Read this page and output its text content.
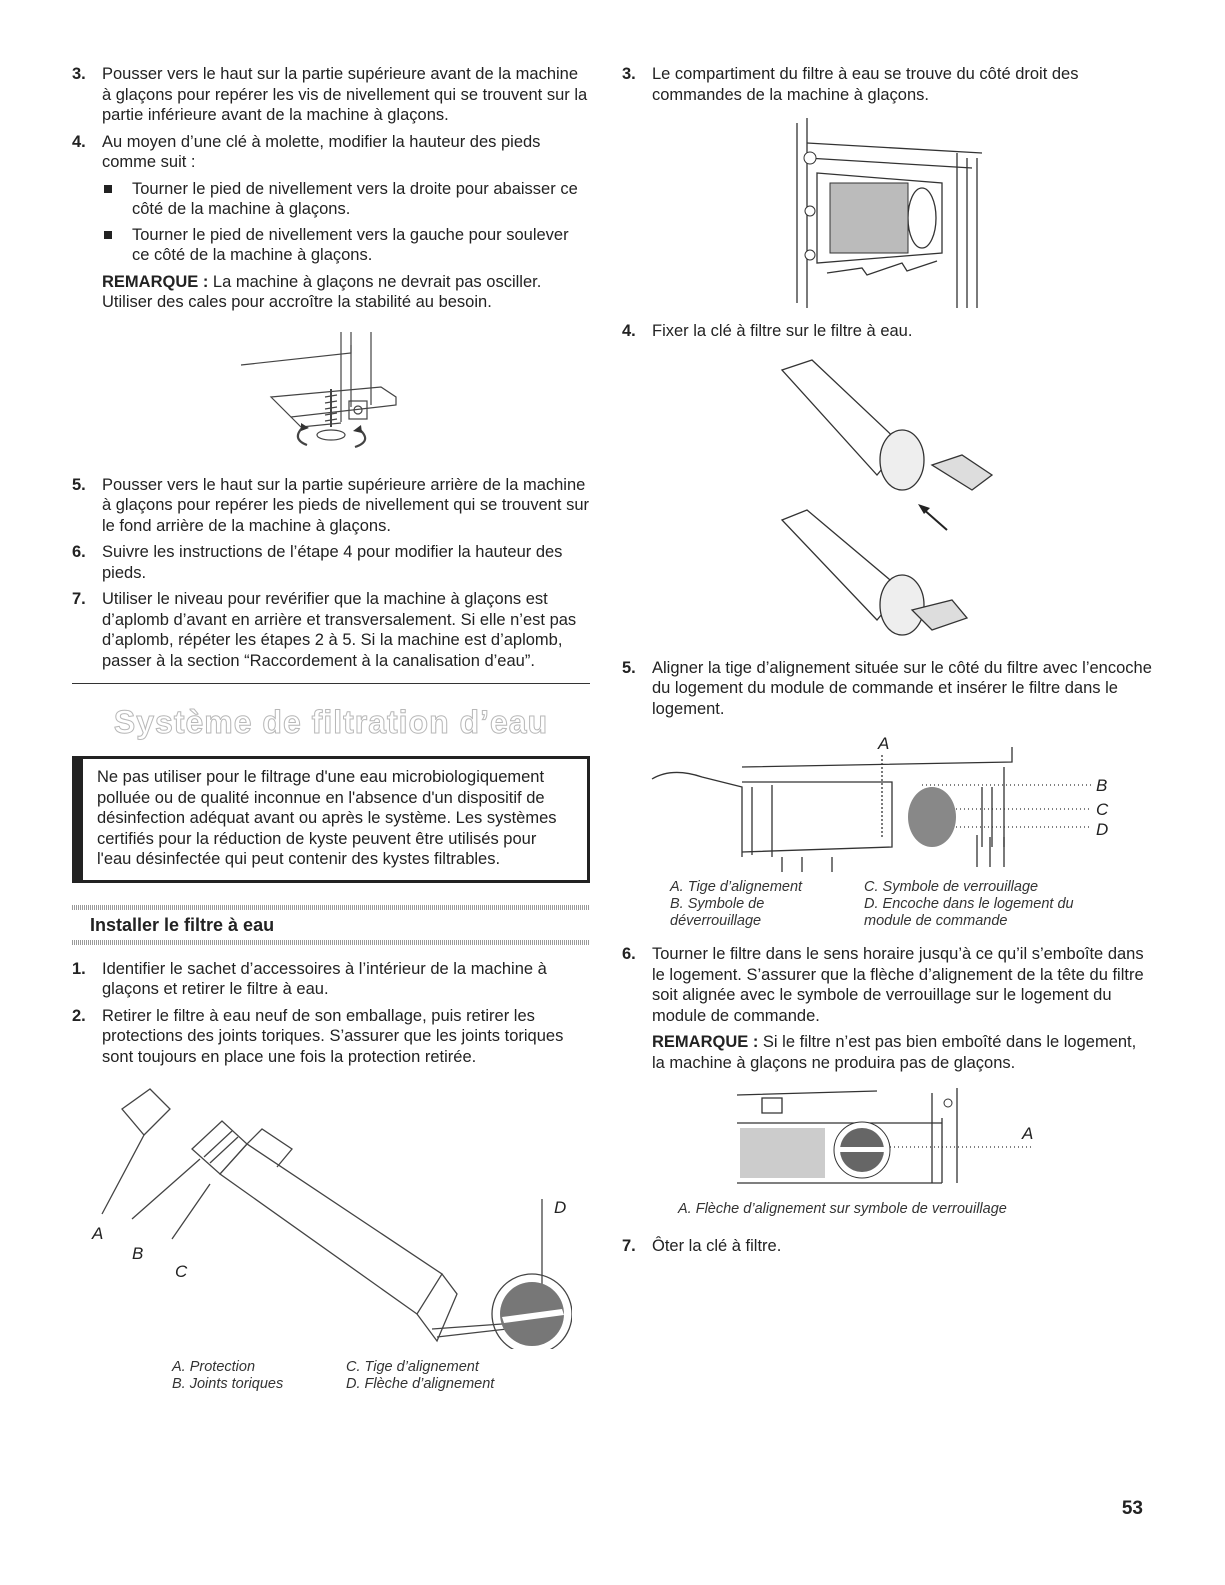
3. Pousser vers le haut sur la partie supérieure avant de la machine à glaçons pour repérer les vis de nivellement qui se trouvent sur la partie inférieure avant de la machine à glaçons.
4. Au moyen d’une clé à molette, modifier la hauteur des pieds comme suit :
Tourner le pied de nivellement vers la droite pour abaisser ce côté de la machine à glaçons.
Tourner le pied de nivellement vers la gauche pour soulever ce côté de la machine à glaçons.
REMARQUE : La machine à glaçons ne devrait pas osciller. Utiliser des cales pour accroître la stabilité au besoin.
5. Pousser vers le haut sur la partie supérieure arrière de la machine à glaçons pour repérer les pieds de nivellement qui se trouvent sur le fond arrière de la machine à glaçons.
6. Suivre les instructions de l’étape 4 pour modifier la hauteur des pieds.
7. Utiliser le niveau pour revérifier que la machine à glaçons est d’aplomb d’avant en arrière et transversalement. Si elle n’est pas d’aplomb, répéter les étapes 2 à 5. Si la machine est d’aplomb, passer à la section “Raccordement à la canalisation d’eau”.
Système de filtration d’eau
Ne pas utiliser pour le filtrage d'une eau microbiologiquement polluée ou de qualité inconnue en l'absence d'un dispositif de désinfection adéquat avant ou après le système. Les systèmes certifiés pour la réduction de kyste peuvent être utilisés pour l'eau désinfectée qui peut contenir des kystes filtrables.
Installer le filtre à eau
1. Identifier le sachet d’accessoires à l’intérieur de la machine à glaçons et retirer le filtre à eau.
2. Retirer le filtre à eau neuf de son emballage, puis retirer les protections des joints toriques. S’assurer que les joints toriques sont toujours en place une fois la protection retirée.
A
B
C
D
A. Protection	C. Tige d’alignement
B. Joints toriques	D. Flèche d’alignement
3. Le compartiment du filtre à eau se trouve du côté droit des commandes de la machine à glaçons.
4. Fixer la clé à filtre sur le filtre à eau.
5. Aligner la tige d’alignement située sur le côté du filtre avec l’encoche du logement du module de commande et insérer le filtre dans le logement.
A
B
C
D
A. Tige d’alignement	C. Symbole de verrouillage
B. Symbole de déverrouillage
D. Encoche dans le logement du module de commande
6. Tourner le filtre dans le sens horaire jusqu’à ce qu’il s’emboîte dans le logement. S’assurer que la flèche d’alignement de la tête du filtre soit alignée avec le symbole de verrouillage sur le logement du module de commande.
REMARQUE : Si le filtre n’est pas bien emboîté dans le logement, la machine à glaçons ne produira pas de glaçons.
A
A. Flèche d’alignement sur symbole de verrouillage
7. Ôter la clé à filtre.
53
